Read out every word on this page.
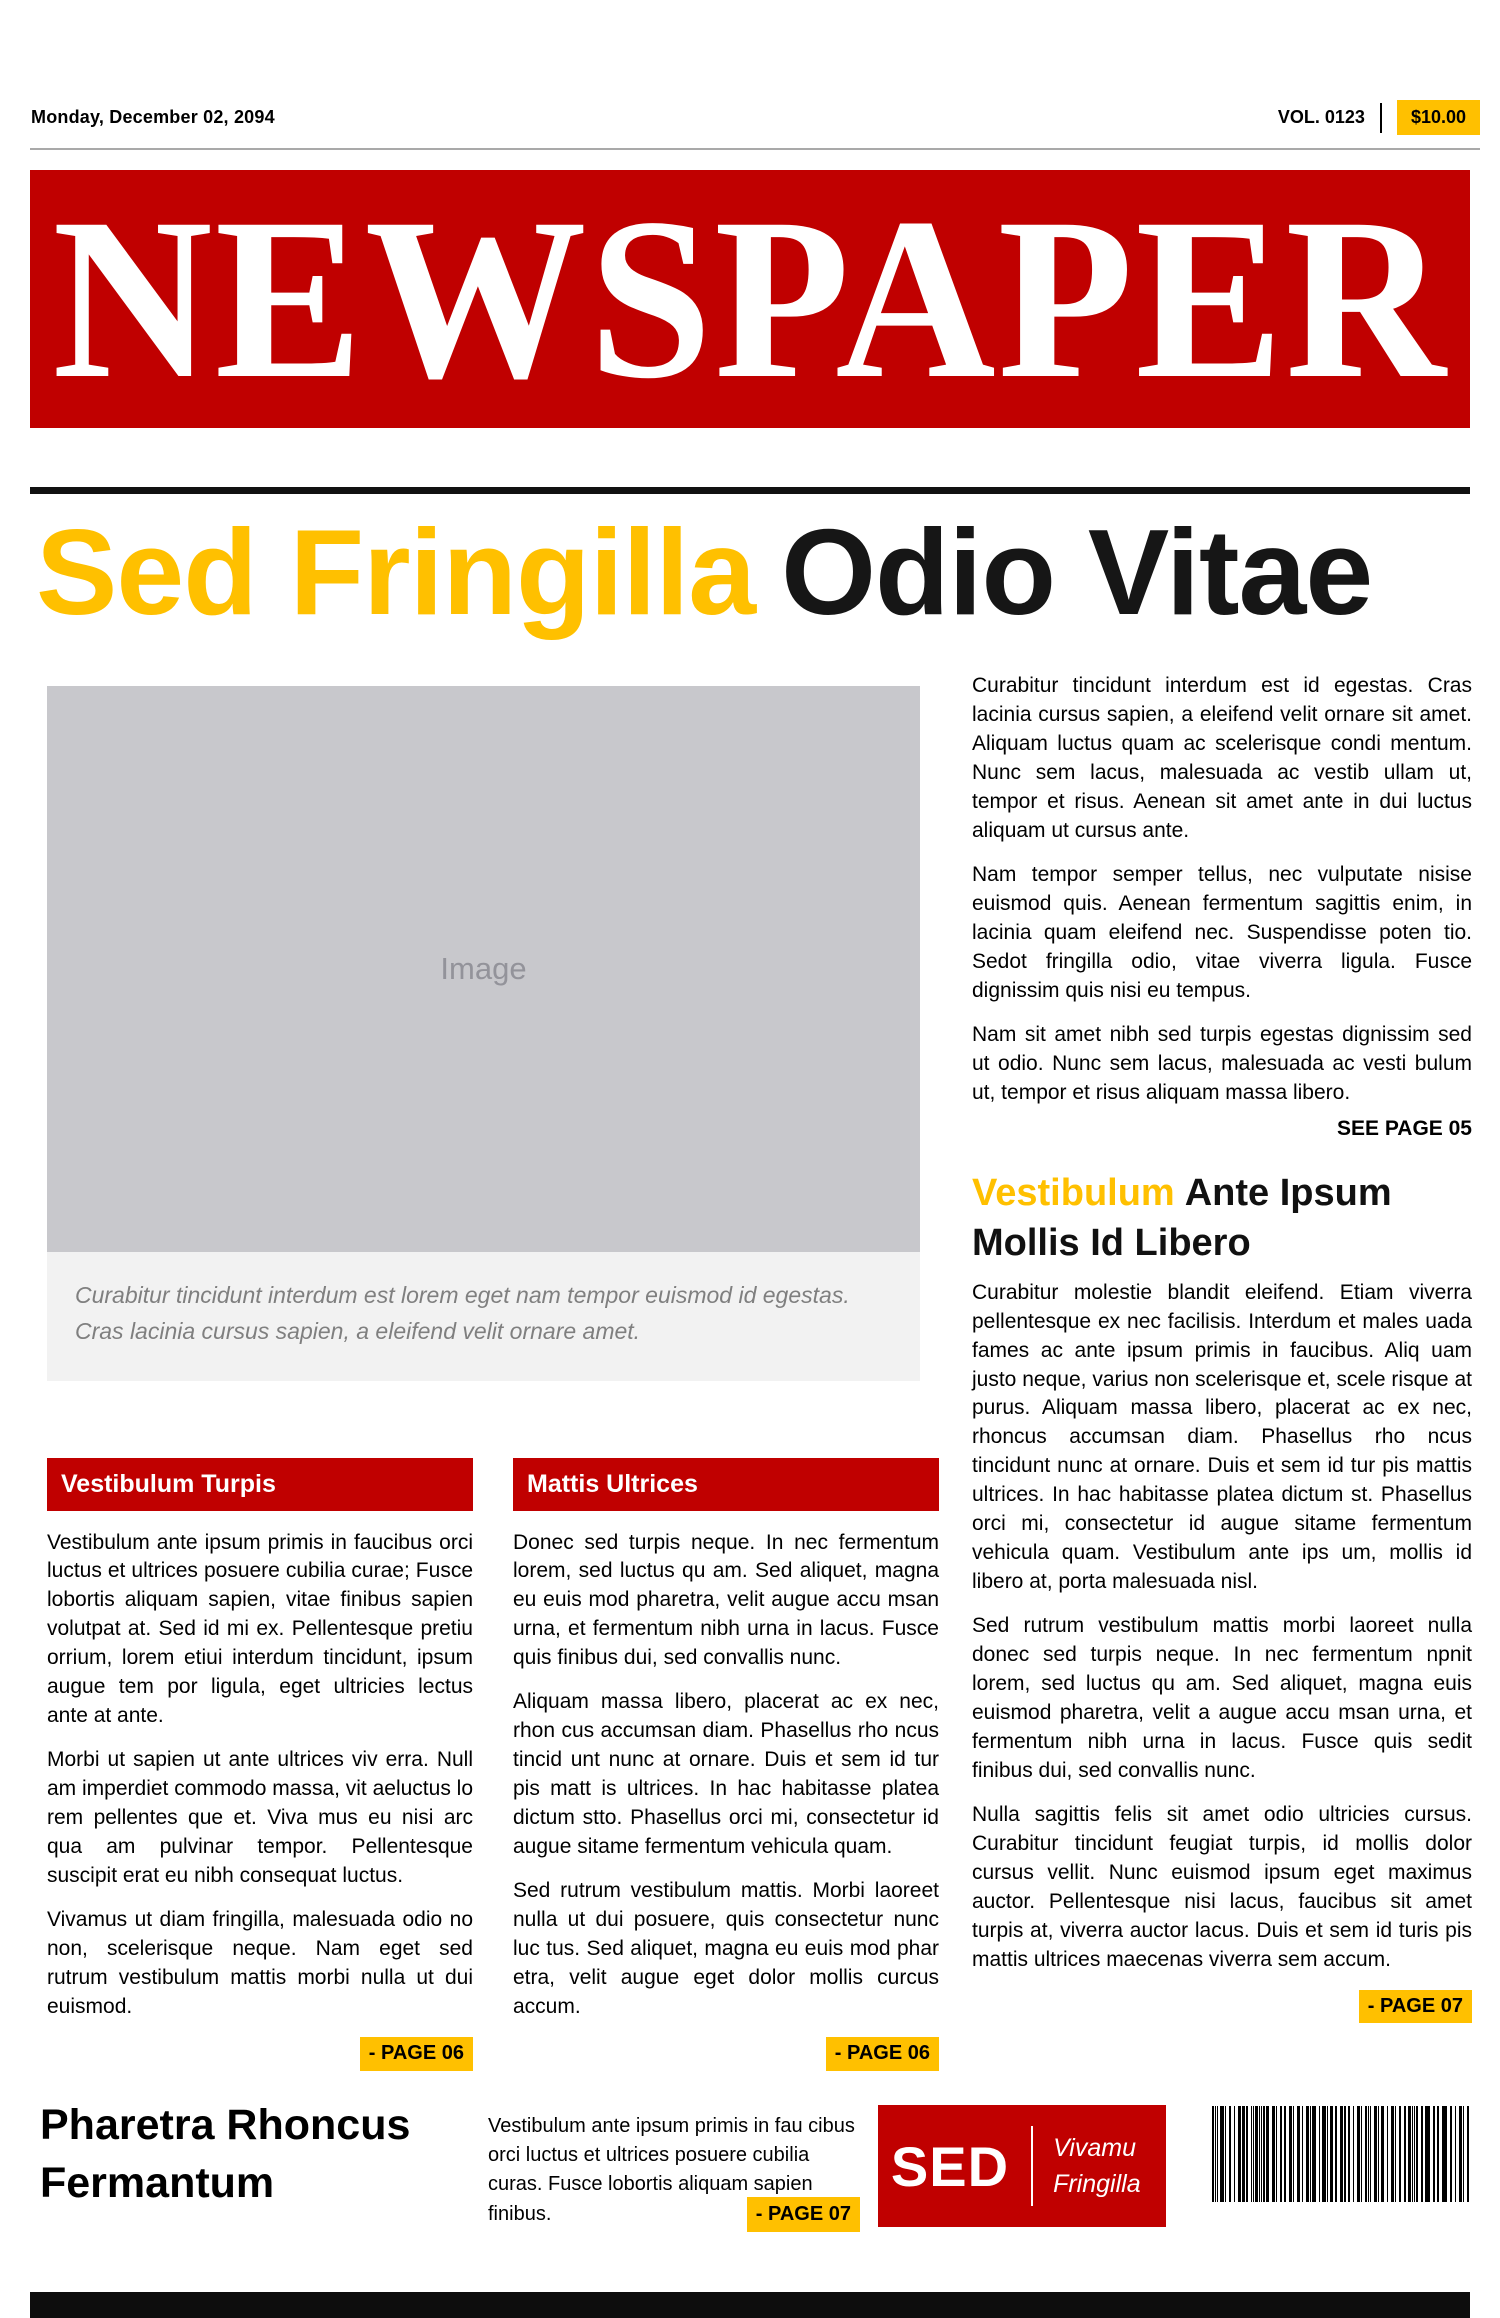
Monday, December 02, 2094	VOL. 0123	$10.00
NEWSPAPER
Sed Fringilla Odio Vitae
Image
Curabitur tincidunt interdum est lorem eget nam tempor euismod id egestas. Cras lacinia cursus sapien, a eleifend velit ornare amet.

Curabitur tincidunt interdum est id egestas. Cras lacinia cursus sapien, a eleifend velit ornare sit amet. Aliquam luctus quam ac scelerisque condi mentum. Nunc sem lacus, malesuada ac vestib ullam ut, tempor et risus. Aenean sit amet ante in dui luctus aliquam ut cursus ante.

Nam tempor semper tellus, nec vulputate nisise euismod quis. Aenean fermentum sagittis enim, in lacinia quam eleifend nec. Suspendisse poten tio. Sedot fringilla odio, vitae viverra ligula. Fusce dignissim quis nisi eu tempus.

Nam sit amet nibh sed turpis egestas dignissim sed ut odio. Nunc sem lacus, malesuada ac vesti bulum ut, tempor et risus aliquam massa libero.

SEE PAGE 05
Vestibulum Ante Ipsum Mollis Id Libero

Curabitur molestie blandit eleifend. Etiam viverra pellentesque ex nec facilisis. Interdum et males uada fames ac ante ipsum primis in faucibus. Aliq uam justo neque, varius non scelerisque et, scele risque at purus. Aliquam massa libero, placerat ac ex nec, rhoncus accumsan diam. Phasellus rho ncus tincidunt nunc at ornare. Duis et sem id tur pis mattis ultrices. In hac habitasse platea dictum st. Phasellus orci mi, consectetur id augue sitame fermentum vehicula quam. Vestibulum ante ips um, mollis id libero at, porta malesuada nisl.

Sed rutrum vestibulum mattis morbi laoreet nulla donec sed turpis neque. In nec fermentum npnit lorem, sed luctus qu am. Sed aliquet, magna euis euismod pharetra, velit a augue accu msan urna, et fermentum nibh urna in lacus. Fusce quis sedit finibus dui, sed convallis nunc.

Nulla sagittis felis sit amet odio ultricies cursus. Curabitur tincidunt feugiat turpis, id mollis dolor cursus vellit. Nunc euismod ipsum eget maximus auctor. Pellentesque nisi lacus, faucibus sit amet turpis at, viverra auctor lacus. Duis et sem id turis pis mattis ultrices maecenas viverra sem accum.

- PAGE 07
Vestibulum Turpis

Vestibulum ante ipsum primis in faucibus orci luctus et ultrices posuere cubilia curae; Fusce lobortis aliquam sapien, vitae finibus sapien volutpat at. Sed id mi ex. Pellentesque pretiu orrium, lorem etiui interdum tincidunt, ipsum augue tem por ligula, eget ultricies lectus ante at ante.

Morbi ut sapien ut ante ultrices viv erra. Null am imperdiet commodo massa, vit aeluctus lo rem pellentes que et. Viva mus eu nisi arc qua am pulvinar tempor. Pellentesque suscipit erat eu nibh consequat luctus.

Vivamus ut diam fringilla, malesuada odio no non, scelerisque neque. Nam eget sed rutrum vestibulum mattis morbi nulla ut dui euismod.

- PAGE 06
Mattis Ultrices

Donec sed turpis neque. In nec fermentum lorem, sed luctus qu am. Sed aliquet, magna eu euis mod pharetra, velit augue accu msan urna, et fermentum nibh urna in lacus. Fusce quis finibus dui, sed convallis nunc.

Aliquam massa libero, placerat ac ex nec, rhon cus accumsan diam. Phasellus rho ncus tincid unt nunc at ornare. Duis et sem id tur pis matt is ultrices. In hac habitasse platea dictum stto. Phasellus orci mi, consectetur id augue sitame fermentum vehicula quam.

Sed rutrum vestibulum mattis. Morbi laoreet nulla ut dui posuere, quis consectetur nunc luc tus. Sed aliquet, magna eu euis mod phar etra, velit augue eget dolor mollis curcus accum.

- PAGE 06
Pharetra Rhoncus Fermantum
Vestibulum ante ipsum primis in fau cibus orci luctus et ultrices posuere cubilia curas. Fusce lobortis aliquam sapien finibus.	- PAGE 07
SED Vivamu Fringilla
